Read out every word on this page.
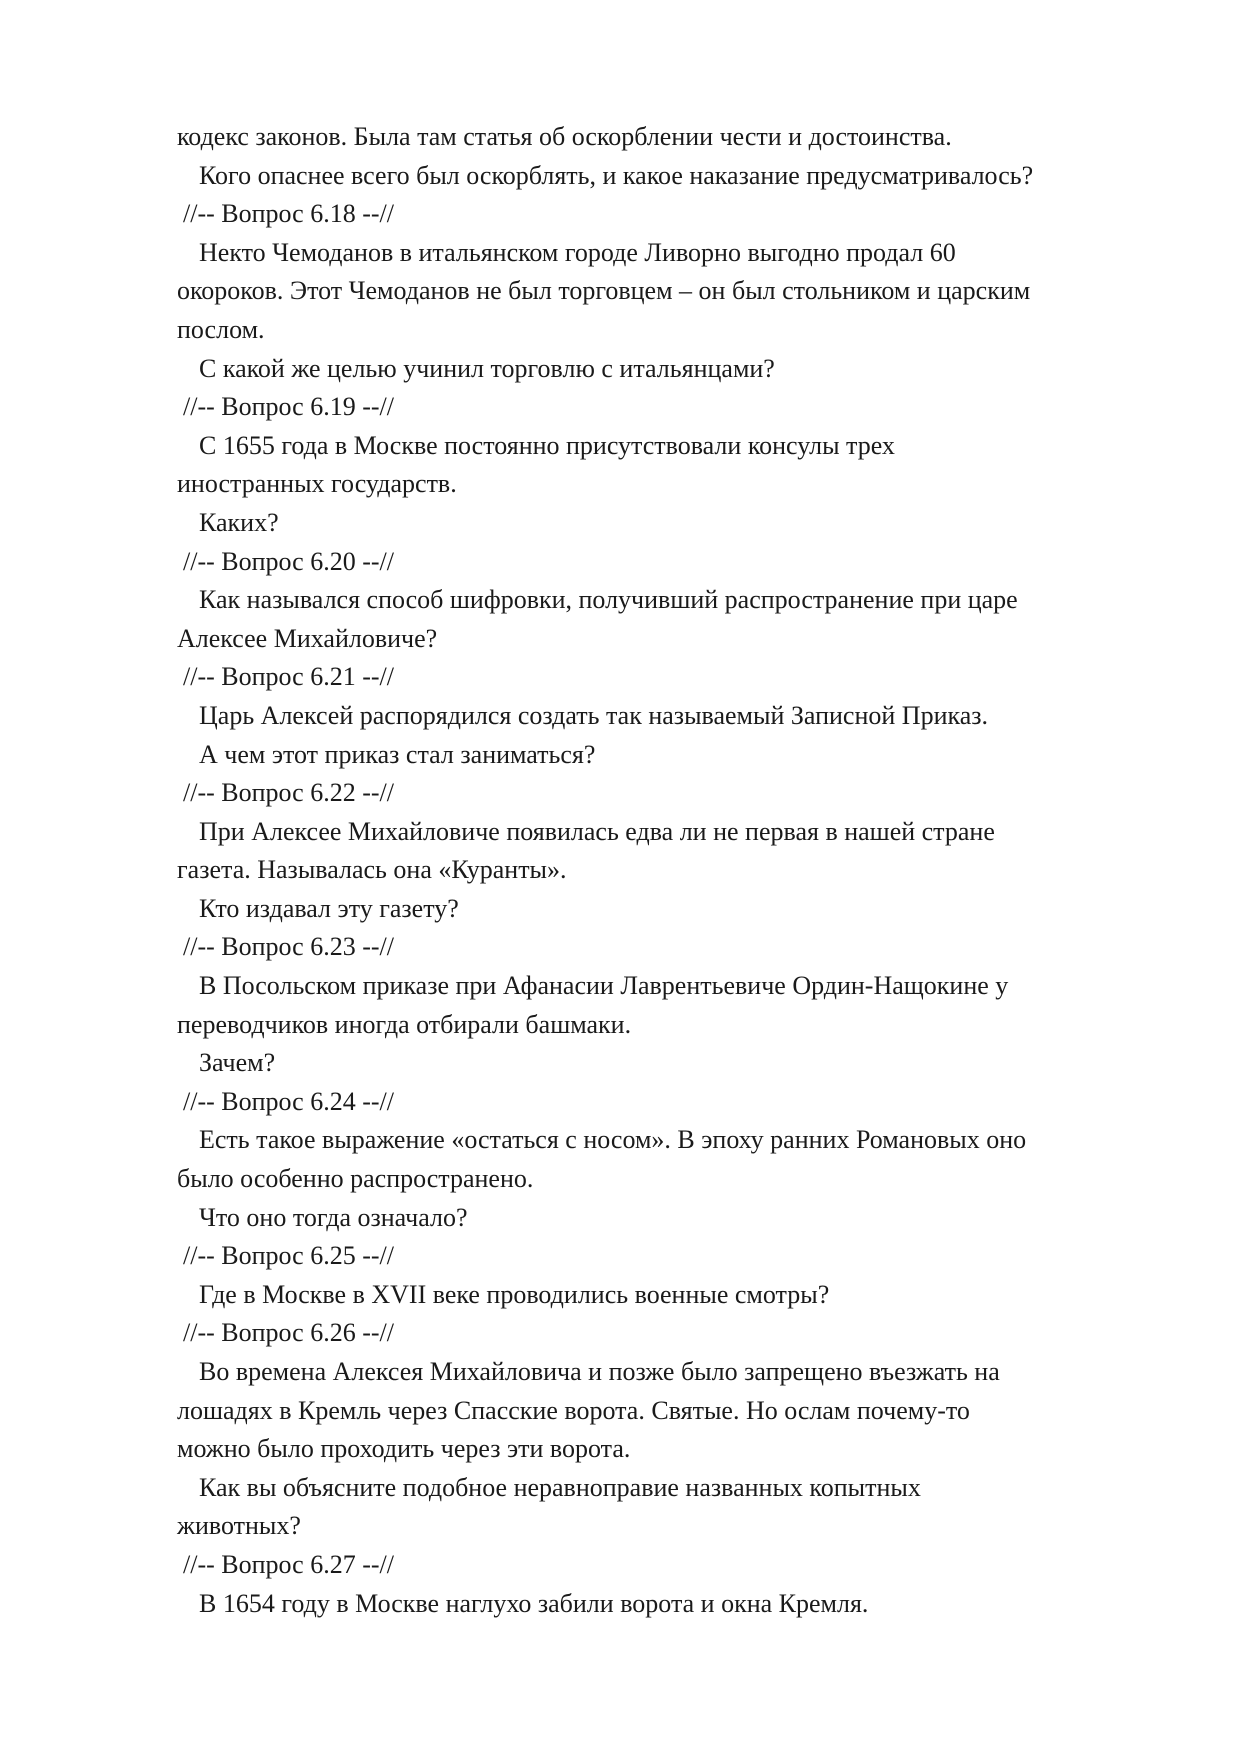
кодекс законов. Была там статья об оскорблении чести и достоинства.
Кого опаснее всего был оскорблять, и какое наказание предусматривалось?
//-- Вопрос 6.18 --//
Некто Чемоданов в итальянском городе Ливорно выгодно продал 60
окороков. Этот Чемоданов не был торговцем – он был стольником и царским
послом.
С какой же целью учинил торговлю с итальянцами?
//-- Вопрос 6.19 --//
С 1655 года в Москве постоянно присутствовали консулы трех
иностранных государств.
Каких?
//-- Вопрос 6.20 --//
Как назывался способ шифровки, получивший распространение при царе
Алексее Михайловиче?
//-- Вопрос 6.21 --//
Царь Алексей распорядился создать так называемый Записной Приказ.
А чем этот приказ стал заниматься?
//-- Вопрос 6.22 --//
При Алексее Михайловиче появилась едва ли не первая в нашей стране
газета. Называлась она «Куранты».
Кто издавал эту газету?
//-- Вопрос 6.23 --//
В Посольском приказе при Афанасии Лаврентьевиче Ордин-Нащокине у
переводчиков иногда отбирали башмаки.
Зачем?
//-- Вопрос 6.24 --//
Есть такое выражение «остаться с носом». В эпоху ранних Романовых оно
было особенно распространено.
Что оно тогда означало?
//-- Вопрос 6.25 --//
Где в Москве в XVII веке проводились военные смотры?
//-- Вопрос 6.26 --//
Во времена Алексея Михайловича и позже было запрещено въезжать на
лошадях в Кремль через Спасские ворота. Святые. Но ослам почему-то
можно было проходить через эти ворота.
Как вы объясните подобное неравноправие названных копытных
животных?
//-- Вопрос 6.27 --//
В 1654 году в Москве наглухо забили ворота и окна Кремля.
